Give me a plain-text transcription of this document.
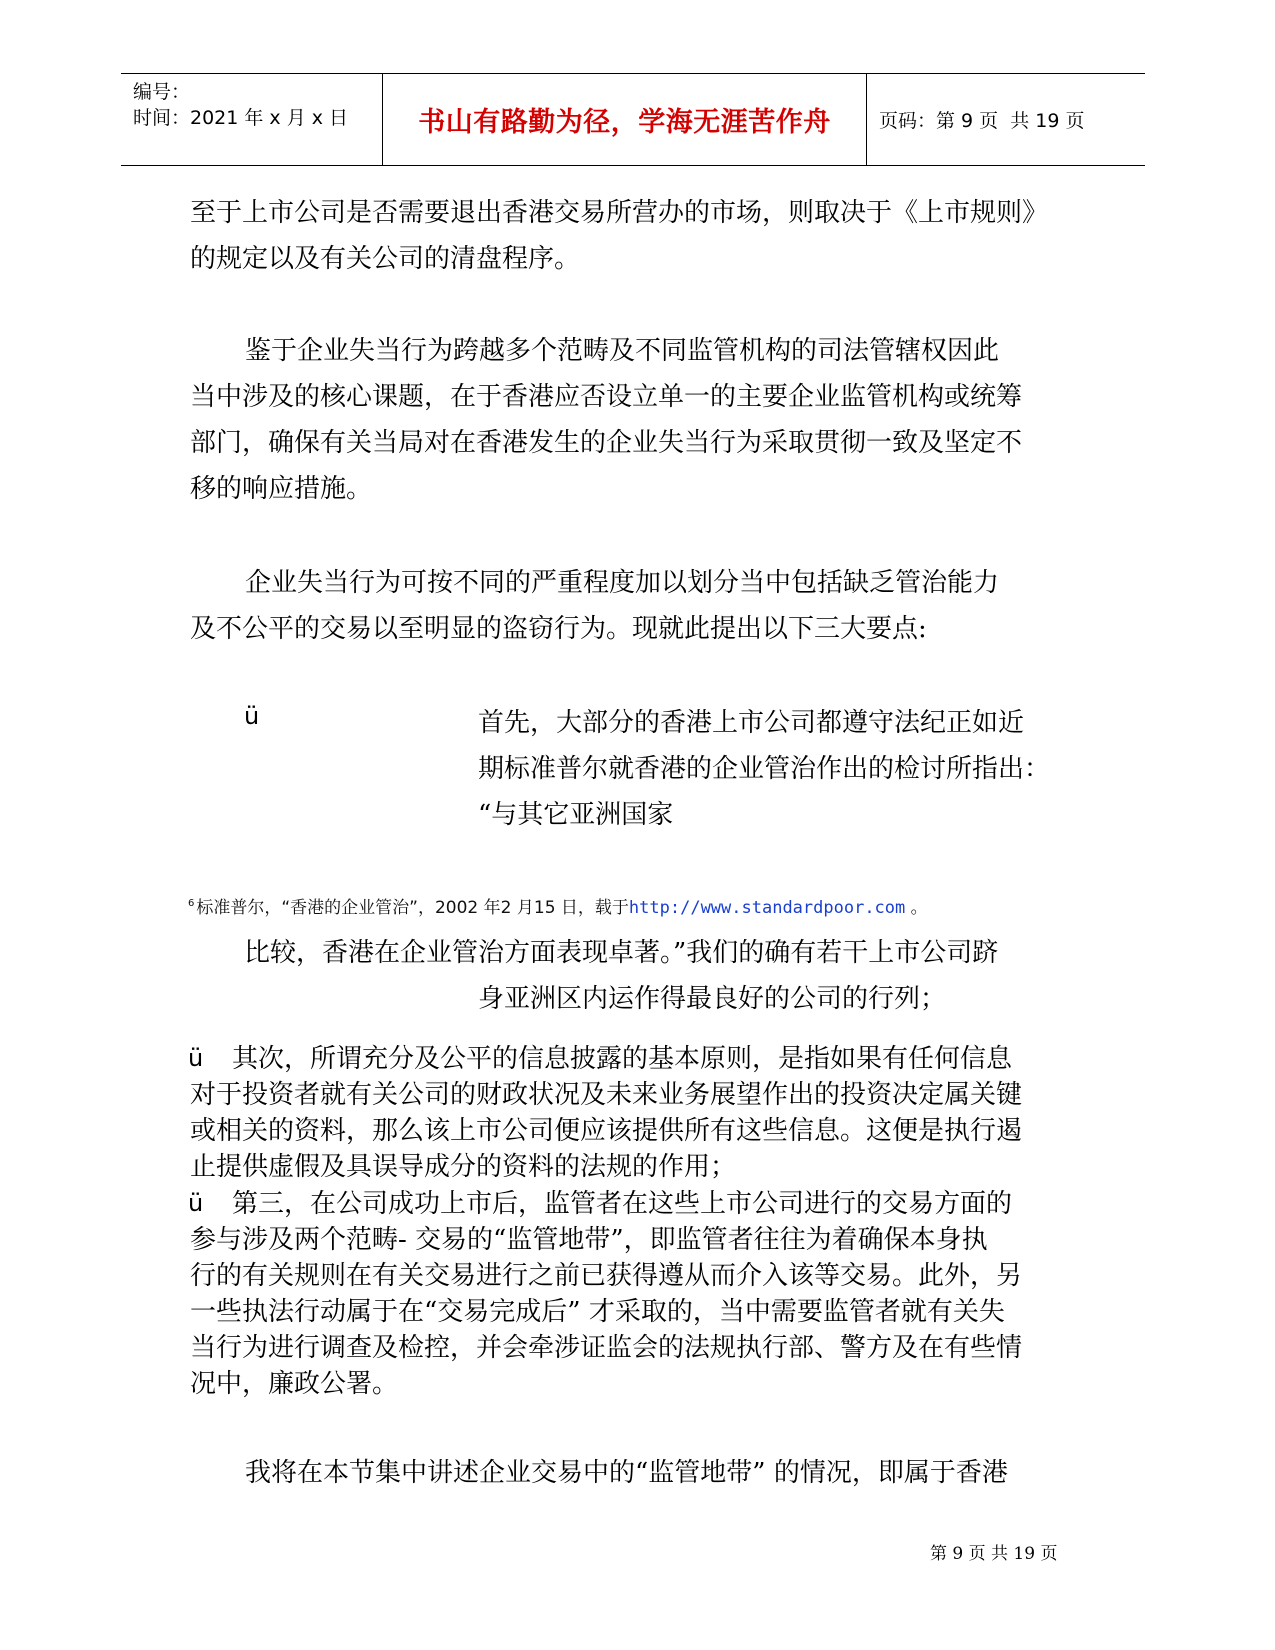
编号：
时间：2021 年 x 月 x 日	书山有路勤为径，学海无涯苦作舟	页码：第 9 页  共 19 页
至于上市公司是否需要退出香港交易所营办的市场，则取决于《上市规则》
的规定以及有关公司的清盘程序。
鉴于企业失当行为跨越多个范畴及不同监管机构的司法管辖权因此
当中涉及的核心课题，在于香港应否设立单一的主要企业监管机构或统筹
部门，确保有关当局对在香港发生的企业失当行为采取贯彻一致及坚定不
移的响应措施。
企业失当行为可按不同的严重程度加以划分当中包括缺乏管治能力
及不公平的交易以至明显的盗窃行为。现就此提出以下三大要点:
ü	首先，大部分的香港上市公司都遵守法纪正如近
期标准普尔就香港的企业管治作出的检讨所指出：
“与其它亚洲国家
$^6$ 标准普尔，“香港的企业管治”，2002 年2 月15 日，载于http://www.standardpoor.com 。
比较，香港在企业管治方面表现卓著。”我们的确有若干上市公司跻
身亚洲区内运作得最良好的公司的行列；
ü	其次，所谓充分及公平的信息披露的基本原则，是指如果有任何信息
对于投资者就有关公司的财政状况及未来业务展望作出的投资决定属关键
或相关的资料，那么该上市公司便应该提供所有这些信息。这便是执行遏
止提供虚假及具误导成分的资料的法规的作用；
ü	第三，在公司成功上市后，监管者在这些上市公司进行的交易方面的
参与涉及两个范畴- 交易的“监管地带”，即监管者往往为着确保本身执
行的有关规则在有关交易进行之前已获得遵从而介入该等交易。此外，另
一些执法行动属于在“交易完成后” 才采取的，当中需要监管者就有关失
当行为进行调查及检控，并会牵涉证监会的法规执行部、警方及在有些情
况中，廉政公署。
我将在本节集中讲述企业交易中的“监管地带” 的情况，即属于香港
第 9 页 共 19 页
